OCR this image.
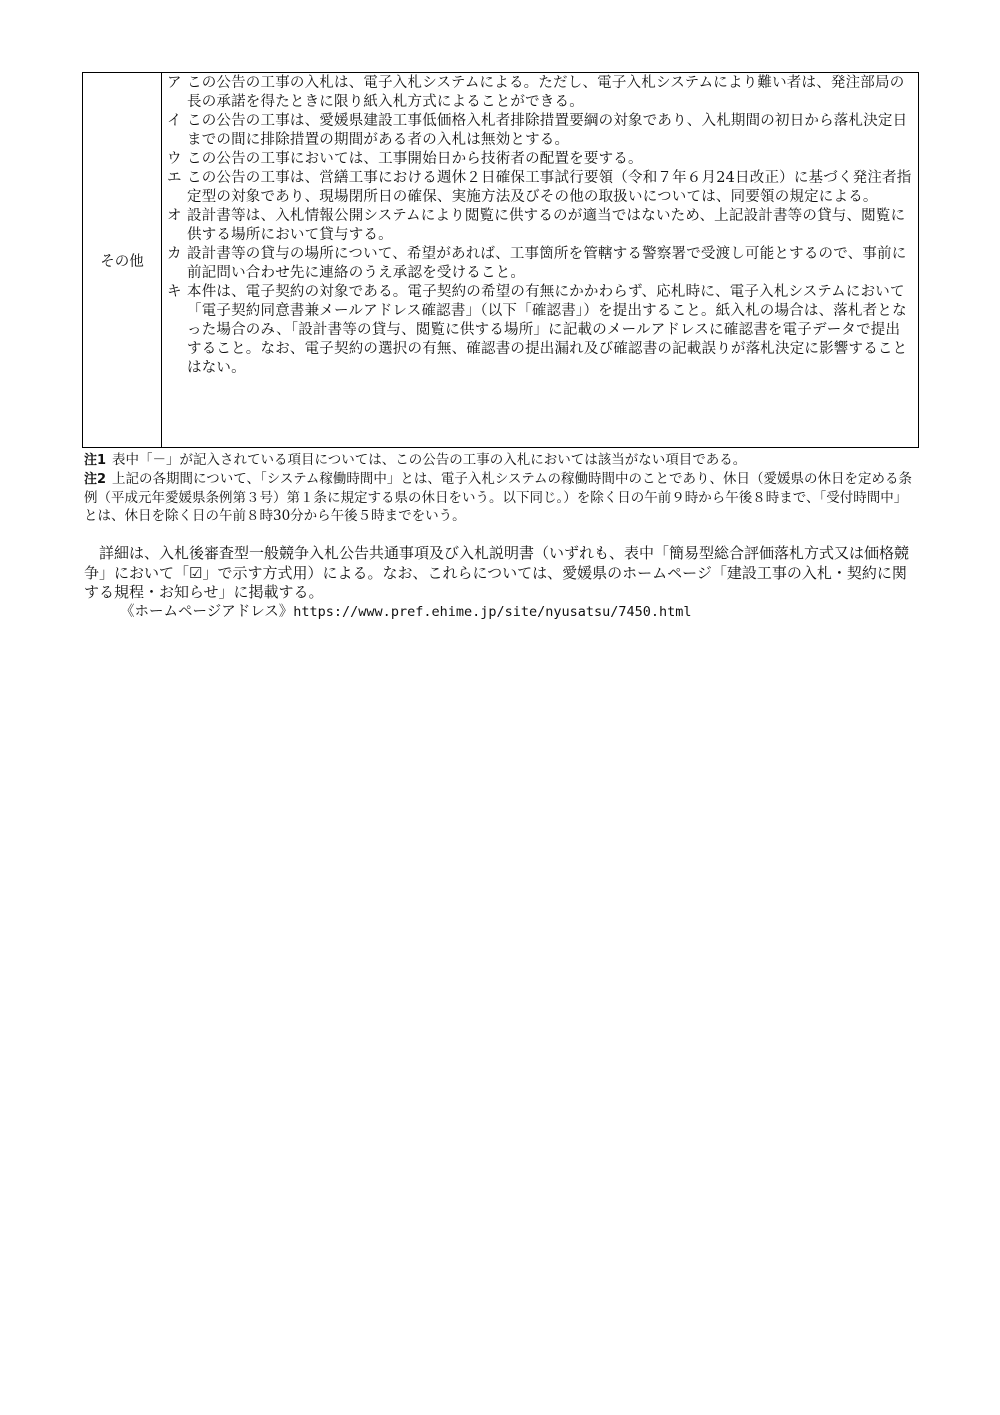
その他
ア この公告の工事の入札は、電子入札システムによる。ただし、電子入札システムにより難い者は、発注部局の長の承諾を得たときに限り紙入札方式によることができる。
イ この公告の工事は、愛媛県建設工事低価格入札者排除措置要綱の対象であり、入札期間の初日から落札決定日までの間に排除措置の期間がある者の入札は無効とする。
ウ この公告の工事においては、工事開始日から技術者の配置を要する。
エ この公告の工事は、営繕工事における週休２日確保工事試行要領（令和７年６月24日改正）に基づく発注者指定型の対象であり、現場閉所日の確保、実施方法及びその他の取扱いについては、同要領の規定による。
オ 設計書等は、入札情報公開システムにより閲覧に供するのが適当ではないため、上記設計書等の貸与、閲覧に供する場所において貸与する。
カ 設計書等の貸与の場所について、希望があれば、工事箇所を管轄する警察署で受渡し可能とするので、事前に前記問い合わせ先に連絡のうえ承認を受けること。
キ 本件は、電子契約の対象である。電子契約の希望の有無にかかわらず、応札時に、電子入札システムにおいて「電子契約同意書兼メールアドレス確認書」（以下「確認書」）を提出すること。紙入札の場合は、落札者となった場合のみ、「設計書等の貸与、閲覧に供する場所」に記載のメールアドレスに確認書を電子データで提出すること。なお、電子契約の選択の有無、確認書の提出漏れ及び確認書の記載誤りが落札決定に影響することはない。
注1 表中「－」が記入されている項目については、この公告の工事の入札においては該当がない項目である。
注2 上記の各期間について、「システム稼働時間中」とは、電子入札システムの稼働時間中のことであり、休日（愛媛県の休日を定める条例（平成元年愛媛県条例第３号）第１条に規定する県の休日をいう。以下同じ。）を除く日の午前９時から午後８時まで、「受付時間中」とは、休日を除く日の午前８時30分から午後５時までをいう。

　詳細は、入札後審査型一般競争入札公告共通事項及び入札説明書（いずれも、表中「簡易型総合評価落札方式又は価格競争」において「☑」で示す方式用）による。なお、これらについては、愛媛県のホームページ「建設工事の入札・契約に関する規程・お知らせ」に掲載する。

《ホームページアドレス》https://www.pref.ehime.jp/site/nyusatsu/7450.html
